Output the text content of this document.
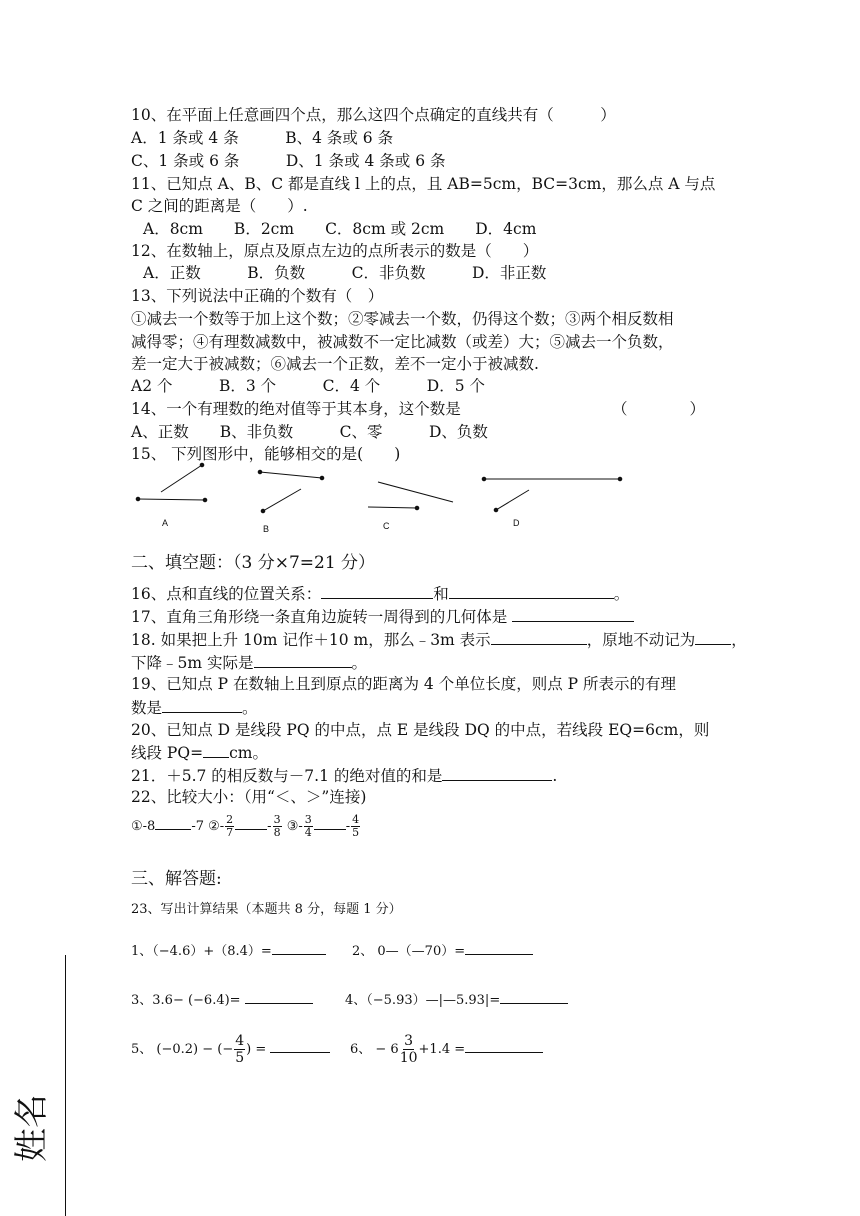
10、在平面上任意画四个点，那么这四个点确定的直线共有（　　　）
A．1 条或 4 条　　　B、4 条或 6 条
C、1 条或 6 条　　　D、1 条或 4 条或 6 条
11、已知点 A、B、C 都是直线 l 上的点，且 AB=5cm，BC=3cm，那么点 A 与点
C 之间的距离是（　　）.
A．8cm　　B．2cm　　C．8cm 或 2cm　　D．4cm
12、在数轴上，原点及原点左边的点所表示的数是（　　）
A．正数　　　B．负数　　　C．非负数　　　D．非正数
13、下列说法中正确的个数有（　）
①减去一个数等于加上这个数；②零减去一个数，仍得这个数；③两个相反数相
减得零；④有理数减数中，被减数不一定比减数（或差）大；⑤减去一个负数，
差一定大于被减数；⑥减去一个正数，差不一定小于被减数.
A2 个　　　B．3 个　　　C．4 个　　　D．5 个
14、一个有理数的绝对值等于其本身，这个数是	（　　　　）
A、正数　　B、非负数　　　C、零　　　D、负数
15、 下列图形中，能够相交的是(　　)
A
B	C	D
二、填空题：（3 分×7=21 分）
16、点和直线的位置关系：	和	。
17、直角三角形绕一条直角边旋转一周得到的几何体是
18. 如果把上升 10m 记作＋10 m，那么﹣3m 表示	，原地不动记为 ，
下降﹣5m 实际是	。
19、已知点 P 在数轴上且到原点的距离为 4 个单位长度，则点 P 所表示的有理
数是	。
20、已知点 D 是线段 PQ 的中点，点 E 是线段 DQ 的中点，若线段 EQ=6cm，则
线段 PQ= cm。
21．＋5.7 的相反数与－7.1 的绝对值的和是	.
22、比较大小：（用“＜、＞”连接)
①-8	-7 ②- $\frac{2}{7}$	- $\frac{3}{8}$ ③- $\frac{3}{4}$	- $\frac{4}{5}$
三、解答题:
23、写出计算结果（本题共 8 分，每题 1 分）
1、（−4.6）+（8.4）=	2、 0—（—70）=
3、3.6− (−6.4)=	4、（−5.93）—|—5.93|=
5、 (−0.2) − (− $\frac{4}{5}$ ) =	6、 − $6 \frac{3}{10} +1.4$ =
姓名
